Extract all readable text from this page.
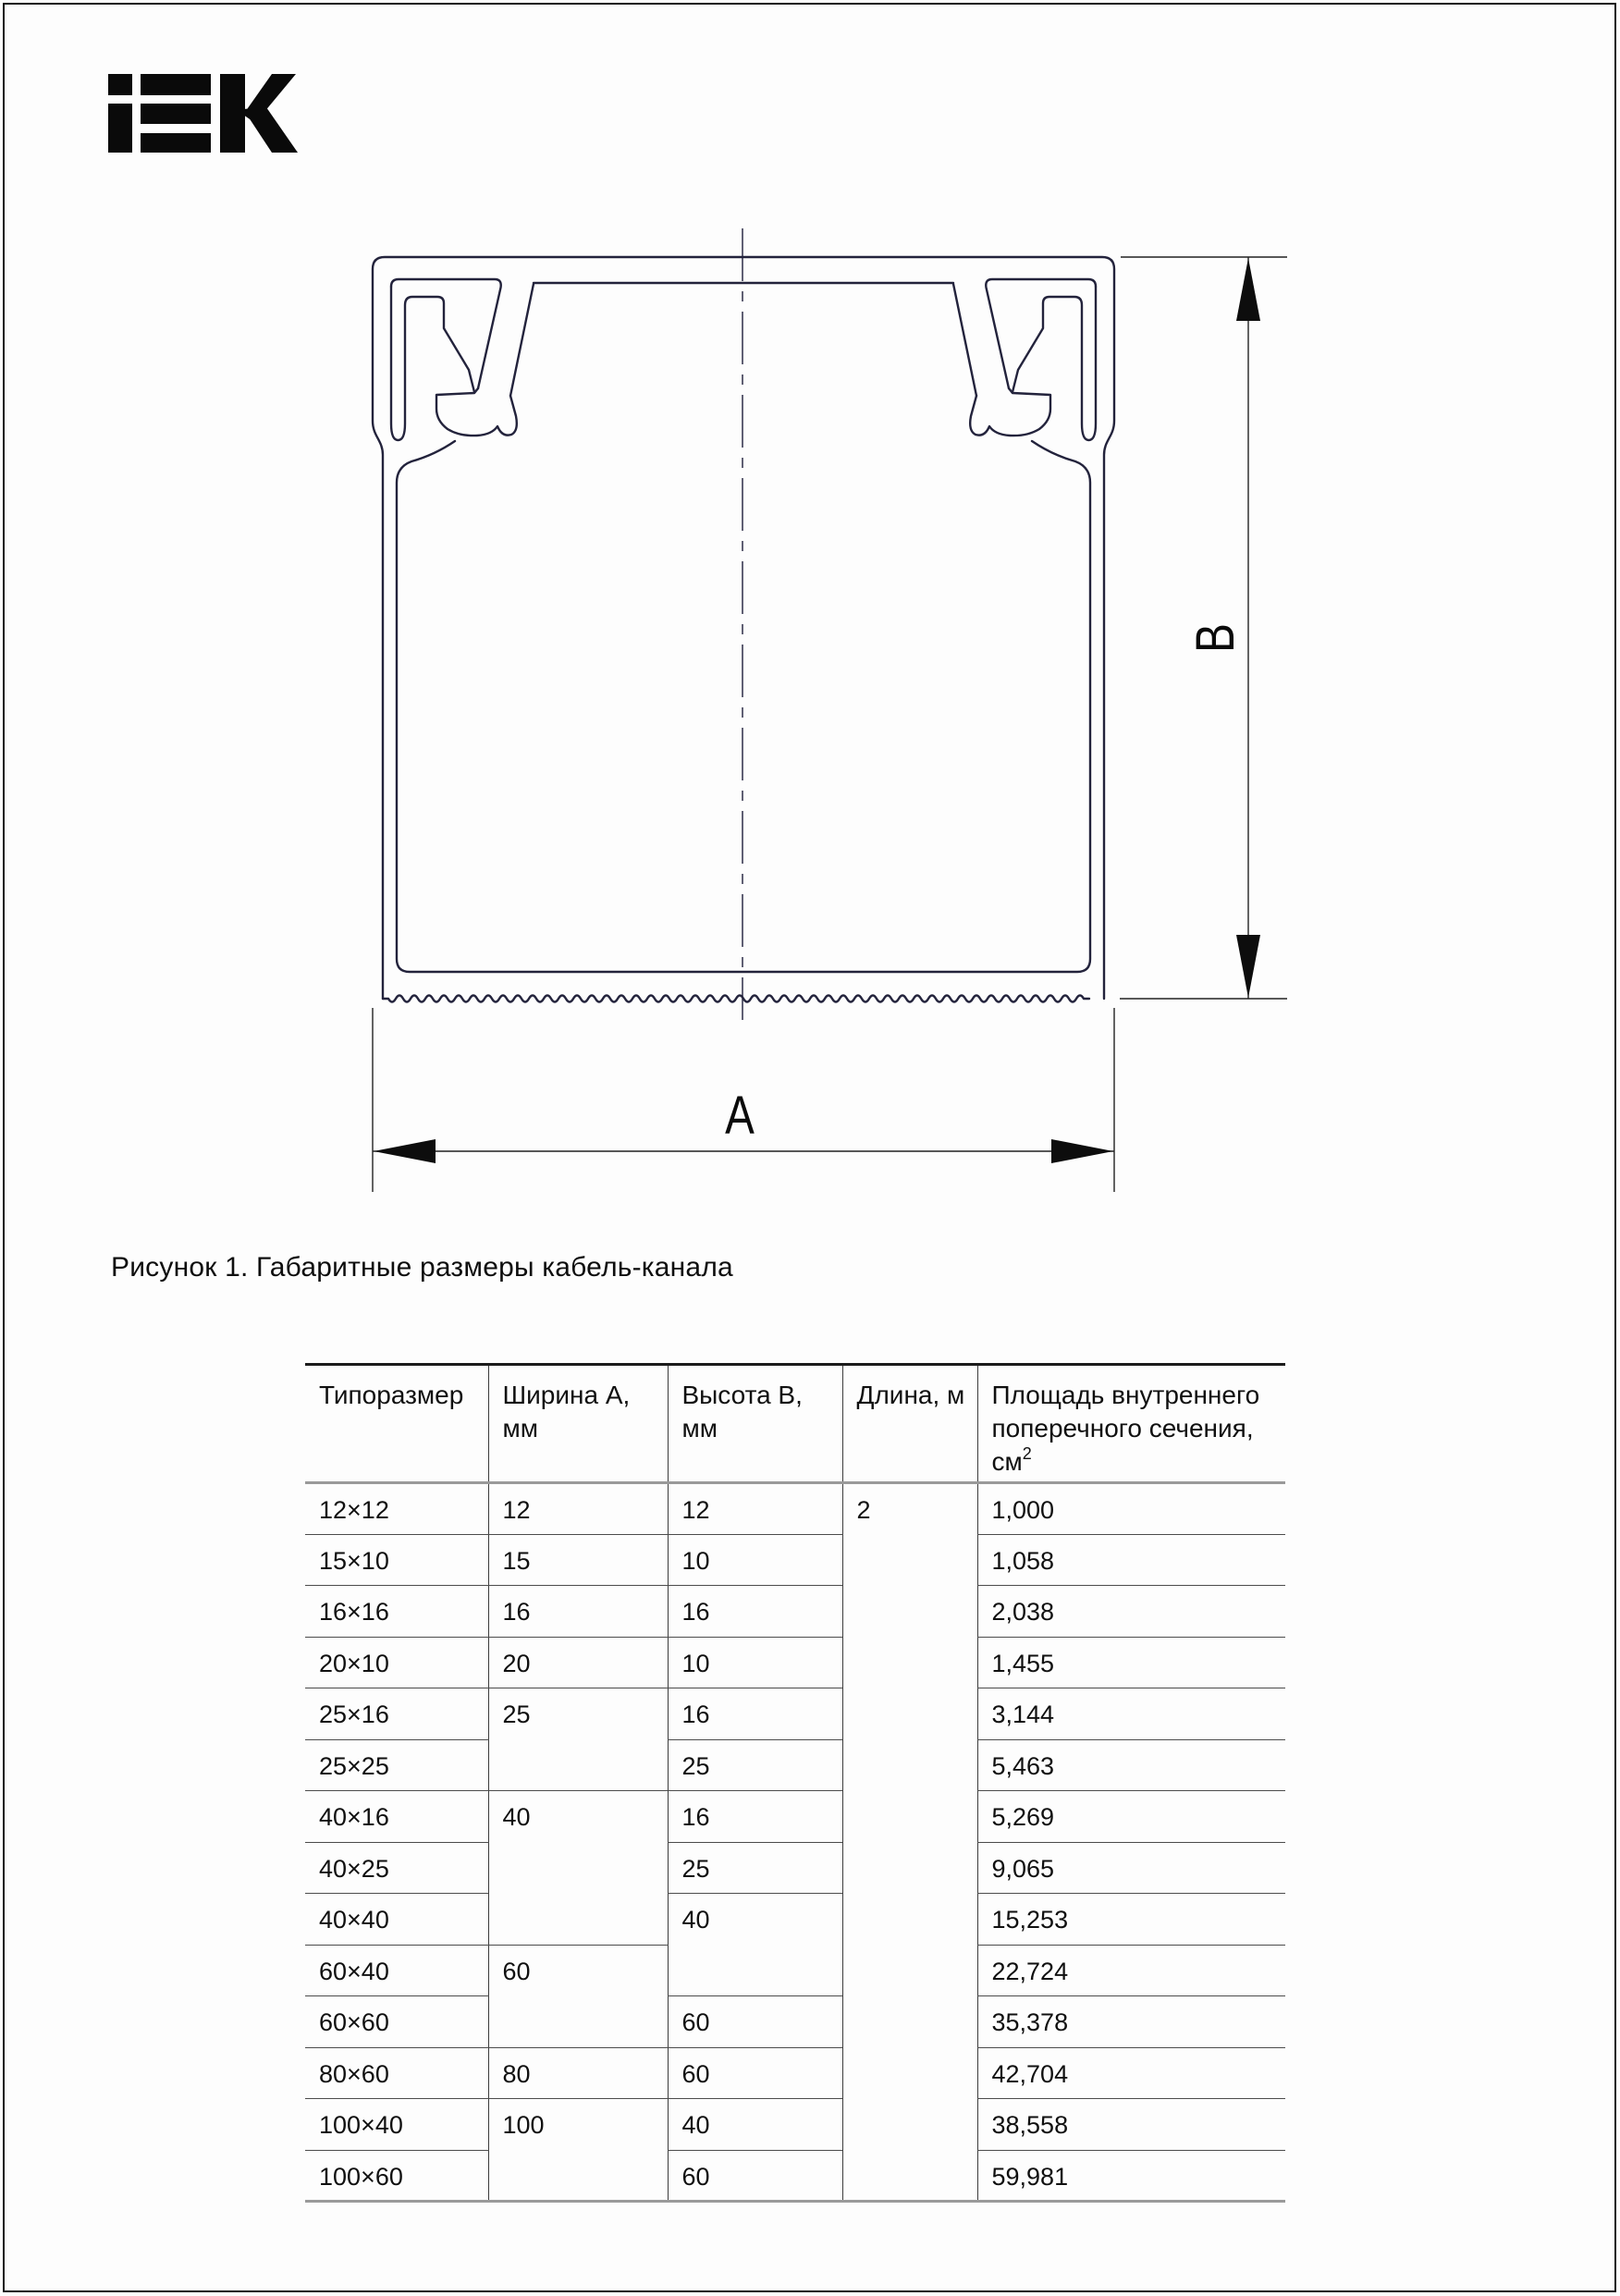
A
B
Рисунок 1. Габаритные размеры кабель-канала
Типоразмер	Ширина А, мм	Высота В, мм	Длина, м	Площадь внутреннего
поперечного сечения, $см^2$
12×12	12	12	2	1,000
15×10	15	10		1,058
16×16	16	16		2,038
20×10	20	10		1,455
25×16	25	16		3,144
25×25		25		5,463
40×16	40	16		5,269
40×25		25		9,065
40×40		40		15,253
60×40	60			22,724
60×60		60		35,378
80×60	80	60		42,704
100×40	100	40		38,558
100×60		60		59,981
